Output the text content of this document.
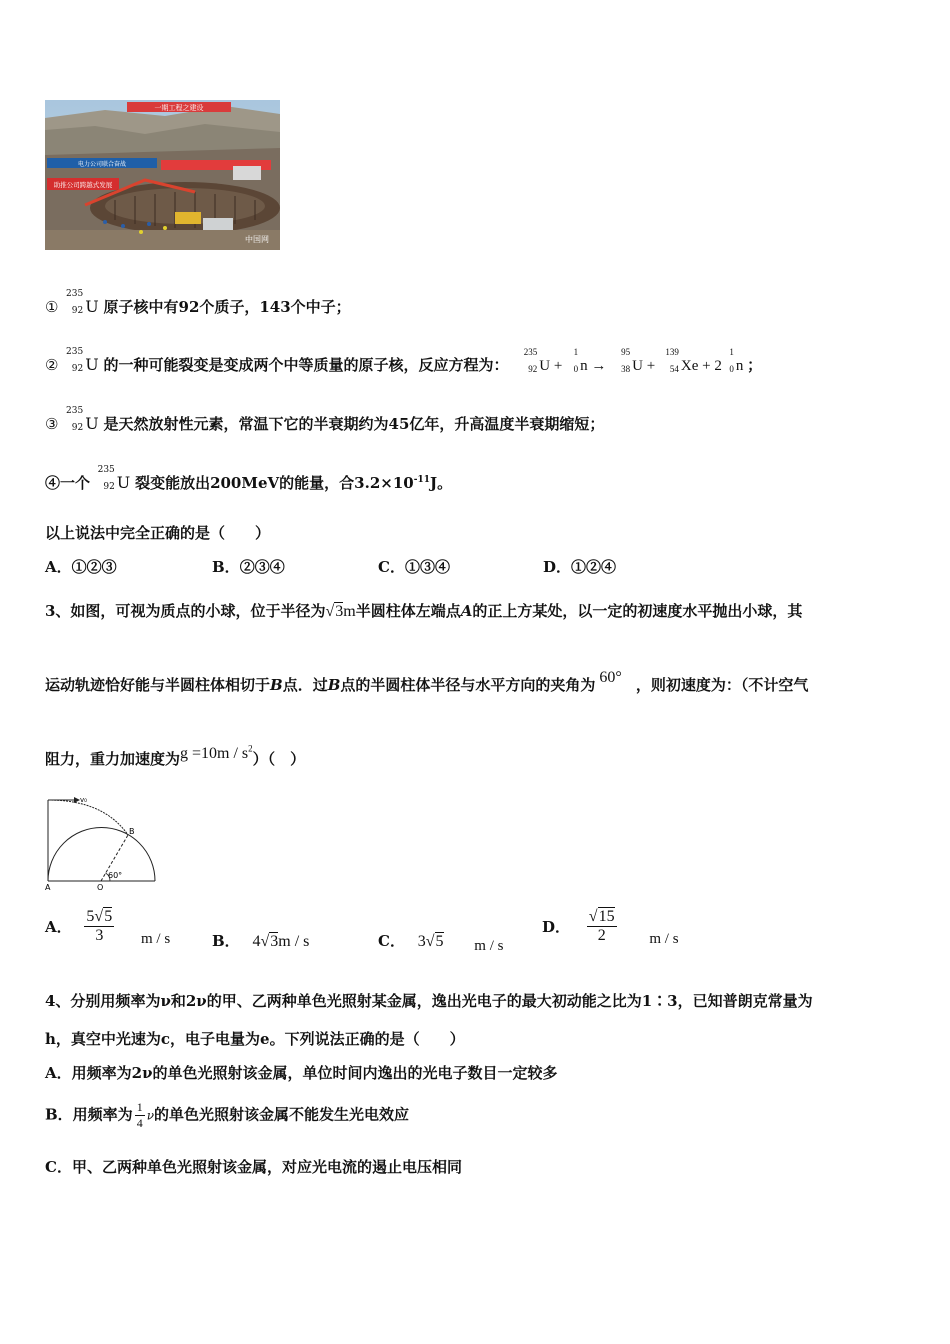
一期工程之建设
电力公司联合奋战
助推公司跨越式发展
中国网
①
235
92 U 原子核中有92个质子，143个中子；
②
235
92 U 的一种可能裂变是变成两个中等质量的原子核，反应方程为：
235
92 U +
1
0 n →
95
38 U +
139
54 Xe + 2
1
0 n ；
③
235
92 U 是天然放射性元素，常温下它的半衰期约为45亿年，升高温度半衰期缩短；
④一个
235
92 U 裂变能放出200MeV的能量，合$3.2\times 10^{-11}J$。
以上说法中完全正确的是（　　）
A．①②③	B．②③④	C．①③④	D．①②④
3、如图，可视为质点的小球，位于半径为√3m半圆柱体左端点A的正上方某处，以一定的初速度水平抛出小球，其
运动轨迹恰好能与半圆柱体相切于B点．过B点的半圆柱体半径与水平方向的夹角为 60° ，则初速度为：（不计空气
阻力，重力加速度为$g =10m / s^2$）（　）
v₀
B
A	O
60°
A． $\frac{5√5}{3}$ m / s	B． 4√3m / s	C． 3√5 m / s
D． $\frac{√15}{2}$ m / s
4、分别用频率为ν和2ν的甲、乙两种单色光照射某金属，逸出光电子的最大初动能之比为1∶3，已知普朗克常量为
h，真空中光速为c，电子电量为e。下列说法正确的是（　　）
A．用频率为2ν的单色光照射该金属，单位时间内逸出的光电子数目一定较多
B．用频率为 $\frac{1}{4}$ ν的单色光照射该金属不能发生光电效应
C．甲、乙两种单色光照射该金属，对应光电流的遏止电压相同
